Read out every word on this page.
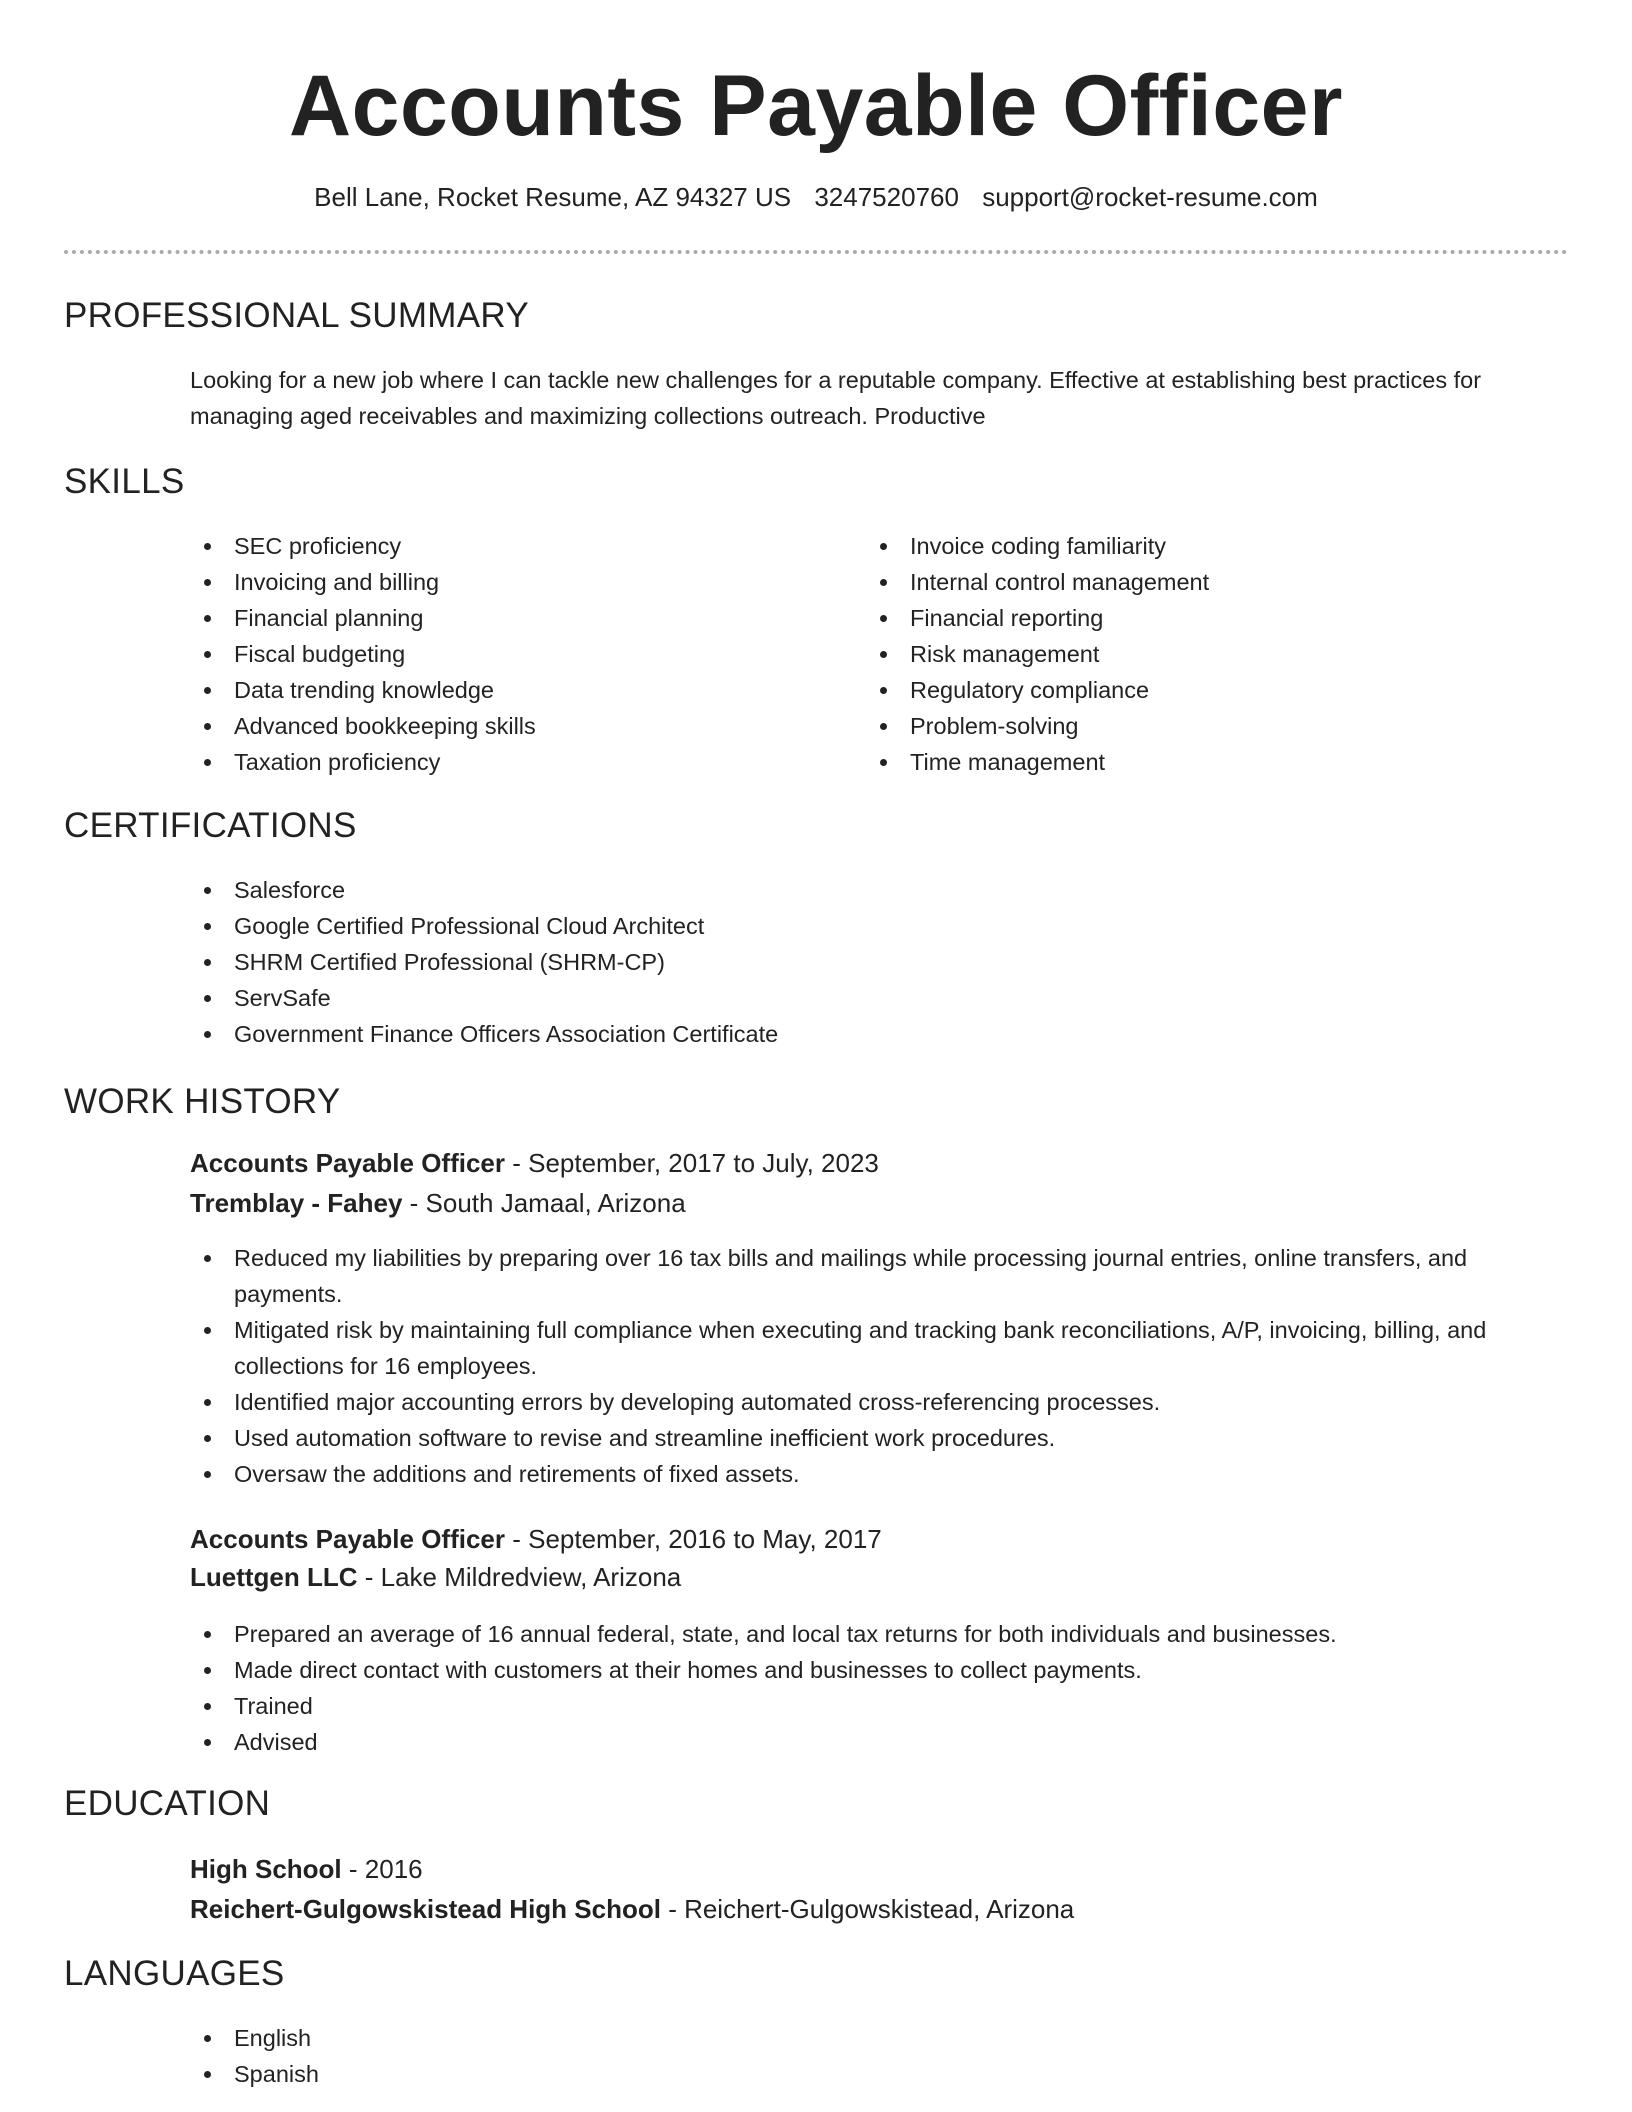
Accounts Payable Officer
Bell Lane, Rocket Resume, AZ 94327 US 3247520760 support@rocket-resume.com
PROFESSIONAL SUMMARY
Looking for a new job where I can tackle new challenges for a reputable company. Effective at establishing best practices for managing aged receivables and maximizing collections outreach. Productive
SKILLS
SEC proficiency
Invoicing and billing
Financial planning
Fiscal budgeting
Data trending knowledge
Advanced bookkeeping skills
Taxation proficiency
Invoice coding familiarity
Internal control management
Financial reporting
Risk management
Regulatory compliance
Problem-solving
Time management
CERTIFICATIONS
Salesforce
Google Certified Professional Cloud Architect
SHRM Certified Professional (SHRM-CP)
ServSafe
Government Finance Officers Association Certificate
WORK HISTORY
Accounts Payable Officer - September, 2017 to July, 2023
Tremblay - Fahey - South Jamaal, Arizona
Reduced my liabilities by preparing over 16 tax bills and mailings while processing journal entries, online transfers, and payments.
Mitigated risk by maintaining full compliance when executing and tracking bank reconciliations, A/P, invoicing, billing, and collections for 16 employees.
Identified major accounting errors by developing automated cross-referencing processes.
Used automation software to revise and streamline inefficient work procedures.
Oversaw the additions and retirements of fixed assets.
Accounts Payable Officer - September, 2016 to May, 2017
Luettgen LLC - Lake Mildredview, Arizona
Prepared an average of 16 annual federal, state, and local tax returns for both individuals and businesses.
Made direct contact with customers at their homes and businesses to collect payments.
Trained
Advised
EDUCATION
High School - 2016
Reichert-Gulgowskistead High School - Reichert-Gulgowskistead, Arizona
LANGUAGES
English
Spanish
